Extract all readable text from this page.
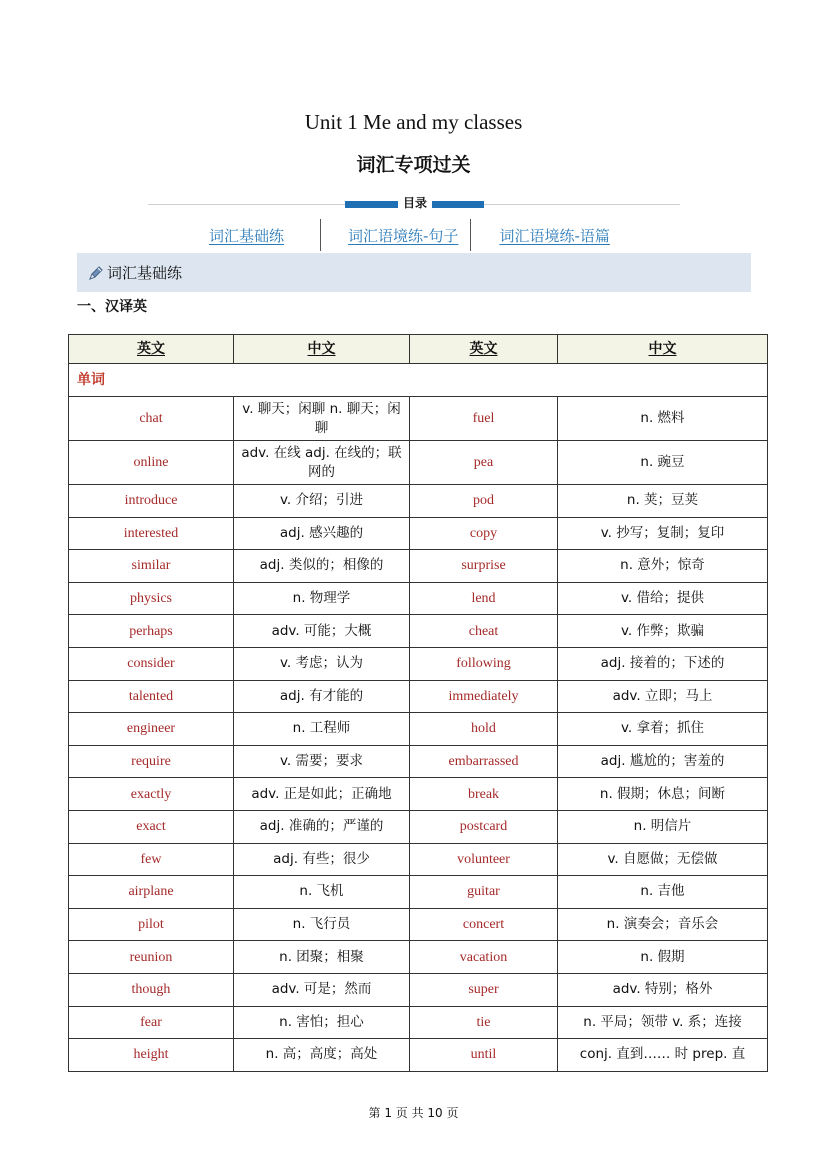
Unit 1 Me and my classes
词汇专项过关
目录
词汇基础练	词汇语境练-句子	词汇语境练-语篇
词汇基础练
一、汉译英
英文	中文	英文	中文
单词			
chat	v. 聊天；闲聊 n. 聊天；闲聊	fuel	n. 燃料
online	adv. 在线 adj. 在线的；联网的	pea	n. 豌豆
introduce	v. 介绍；引进	pod	n. 荚；豆荚
interested	adj. 感兴趣的	copy	v. 抄写；复制；复印
similar	adj. 类似的；相像的	surprise	n. 意外；惊奇
physics	n. 物理学	lend	v. 借给；提供
perhaps	adv. 可能；大概	cheat	v. 作弊；欺骗
consider	v. 考虑；认为	following	adj. 接着的；下述的
talented	adj. 有才能的	immediately	adv. 立即；马上
engineer	n. 工程师	hold	v. 拿着；抓住
require	v. 需要；要求	embarrassed	adj. 尴尬的；害羞的
exactly	adv. 正是如此；正确地	break	n. 假期；休息；间断
exact	adj. 准确的；严谨的	postcard	n. 明信片
few	adj. 有些；很少	volunteer	v. 自愿做；无偿做
airplane	n. 飞机	guitar	n. 吉他
pilot	n. 飞行员	concert	n. 演奏会；音乐会
reunion	n. 团聚；相聚	vacation	n. 假期
though	adv. 可是；然而	super	adv. 特别；格外
fear	n. 害怕；担心	tie	n. 平局；领带 v. 系；连接
height	n. 高；高度；高处	until	conj. 直到…… 时 prep. 直
第 1 页 共 10 页
